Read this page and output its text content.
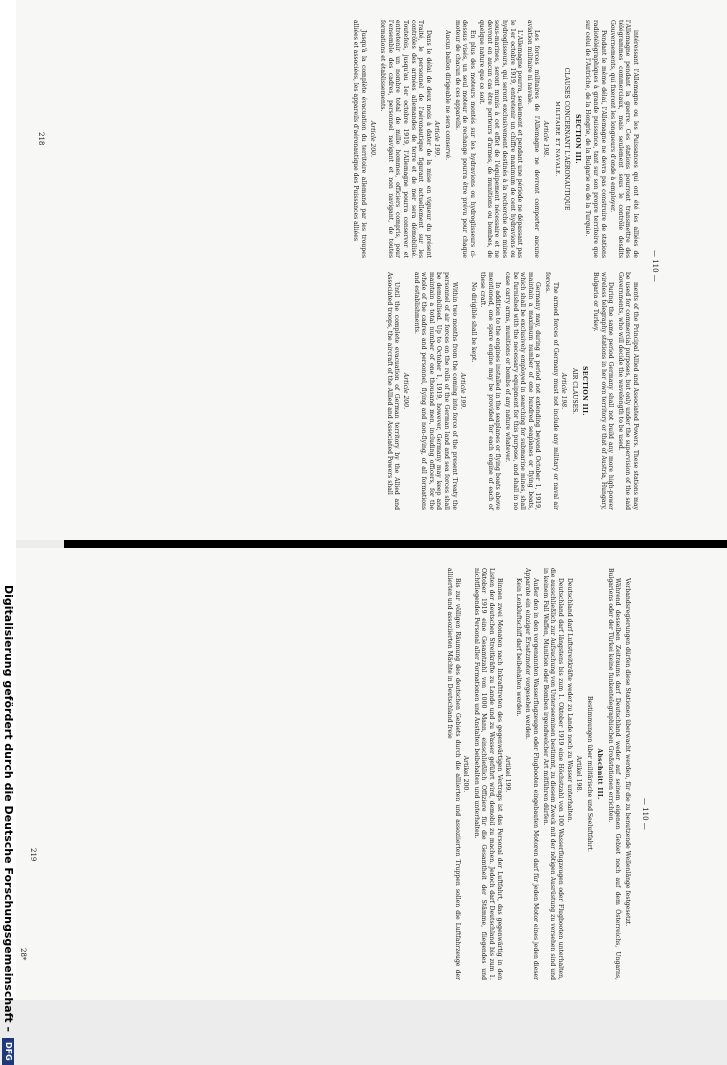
— 110 —

intéressant l'Allemagne ou les Puissances qui ont été les alliées de l'Allemagne pendant la guerre. Ces stations pourront transmettre des télégrammes commerciaux, mais seulement sous le contrôle desdits Gouvernements, qui fixeront les longueurs d'onde à employer.

Pendant le même délai, l'Allemagne ne devra pas construire de stations radiotélégraphiques à grande puissance, tant sur son propre territoire que sur celui de l'Autriche, de la Hongrie, de la Bulgarie ou de la Turquie.

SECTION III.

CLAUSES CONCERNANT L'AÉRONAUTIQUE

MILITAIRE ET NAVALE.

Article 198.

Les forces militaires de l'Allemagne ne devront comporter aucune aviation militaire ni navale.

L'Allemagne pourra, seulement et pendant une période ne dépassant pas le 1er octobre 1919, entretenir un chiffre maximum de cent hydravions ou hydroglisseurs, qui seront exclusivement destinés à la recherche des mines sous-marines, seront munis à cet effet de l'équipement nécessaire et ne devront en aucun cas être porteurs d'armes, de munitions ou bombes, de quelque nature que ce soit.

En plus des moteurs montés sur les hydravions ou hydroglisseurs ci-dessus visés, un seul moteur de rechange pourra être prévu pour chaque moteur de chacun de ces appareils.

Aucun ballon dirigeable ne sera conservé.

Article 199.

Dans le délai de deux mois à dater de la mise en vigueur du présent Traité, le personnel de l'aéronautique figurant actuellement sur les contrôles des armées allemandes de terre et de mer sera démobilisé. Toutefois, jusqu'au 1er octobre 1919, l'Allemagne pourra conserver et entretenir un nombre total de mille hommes, officiers compris, pour l'ensemble des cadres, personnel navigant et non navigant, de toutes formations et établissements.

Article 200.

Jusqu'à la complète évacuation du territoire allemand par les troupes alliées et associées, les appareils d'aéronautique des Puissances alliées

218

ments of the Principal Allied and Associated Powers. These stations may be used for commercial purposes, but only under the supervision of the said Governments, who will decide the wavelength to be used.

During the same period Germany shall not build any more high-power wireless telegraphy stations in her own territory or that of Austria, Hungary, Bulgaria or Turkey.

SECTION III.

AIR CLAUSES.

Article 198.

The armed forces of Germany must not include any military or naval air forces.

Germany may, during a period not extending beyond October 1, 1919, maintain a maximum number of one hundred seaplanes or flying boats, which shall be exclusively employed in searching for submarine mines, shall be furnished with the necessary equipment for this purpose, and shall in no case carry arms, munitions or bombs of any nature whatever.

In addition to the engines installed in the seaplanes or flying boats above mentioned, one spare engine may be provided for each engine of each of these craft.

No dirigible shall be kept.

Article 199.

Within two months from the coming into force of the present Treaty the personnel of air forces on the rolls of the German land and sea forces shall be demobilised. Up to October 1, 1919, however, Germany may keep and maintain a total number of one thousand men, including officers, for the whole of the cadres and personnel, flying and non-flying, of all formations and establishments.

Article 200.

Until the complete evacuation of German territory by the Allied and Associated troops, the aircraft of the Allied and Associated Powers shall

— 110 —

Verbandsregierungen dürfen diese Stationen überwacht werden, für die zu benutzende Wellenlänge festgesetzt.

Während desselben Zeitraums darf Deutschland weder auf seinem eigenen Gebiet noch auf dem Österreichs, Ungarns, Bulgariens oder der Türkei keine funkentelegraphischen Großstationen errichten.

Abschnitt III.

Bestimmungen über militärische und Seeluftfahrt.

Artikel 198.

Deutschland darf Luftstreitkräfte weder zu Lande noch zu Wasser unterhalten.

Deutschland darf längstens bis zum 1. Oktober 1919 eine Höchstzahl von 100 Wasserflugzeugen oder Flugbooten unterhalten, die ausschließlich zur Aufsuchung von Unterseeminen bestimmt, zu diesem Zweck mit der nötigen Ausrüstung zu versehen sind und in keinem Fall Waffen, Munition oder Bomben irgendwelcher Art mitführen dürfen.

Außer den in den vorgenannten Wasserflugzeugen oder Flugbooten eingebauten Motoren darf für jeden Motor eines jeden dieser Apparate ein einziger Ersatzmotor vorgesehen werden.

Kein Lenkluftschiff darf beibehalten werden.

Artikel 199.

Binnen zwei Monaten nach Inkrafttreten des gegenwärtigen Vertrags ist das Personal der Luftfahrt, das gegenwärtig in den Listen der deutschen Streitkräfte zu Lande und zu Wasser geführt wird, demobil zu machen. Jedoch darf Deutschland bis zum 1. Oktober 1919 eine Gesamtzahl von 1000 Mann, einschließlich Offiziere für die Gesamtheit der Stämme, fliegendes und nichtfliegendes Personal aller Formationen und Anstalten beibehalten und unterhalten.

Artikel 200.

Bis zur völligen Räumung des deutschen Gebiets durch die alliierten und assoziierten Truppen sollen die Luftfahrzeuge der alliierten und assoziierten Mächte in Deutschland freie

219
28*
Digitalisierung gefördert durch die Deutsche Forschungsgemeinschaft –DFG
